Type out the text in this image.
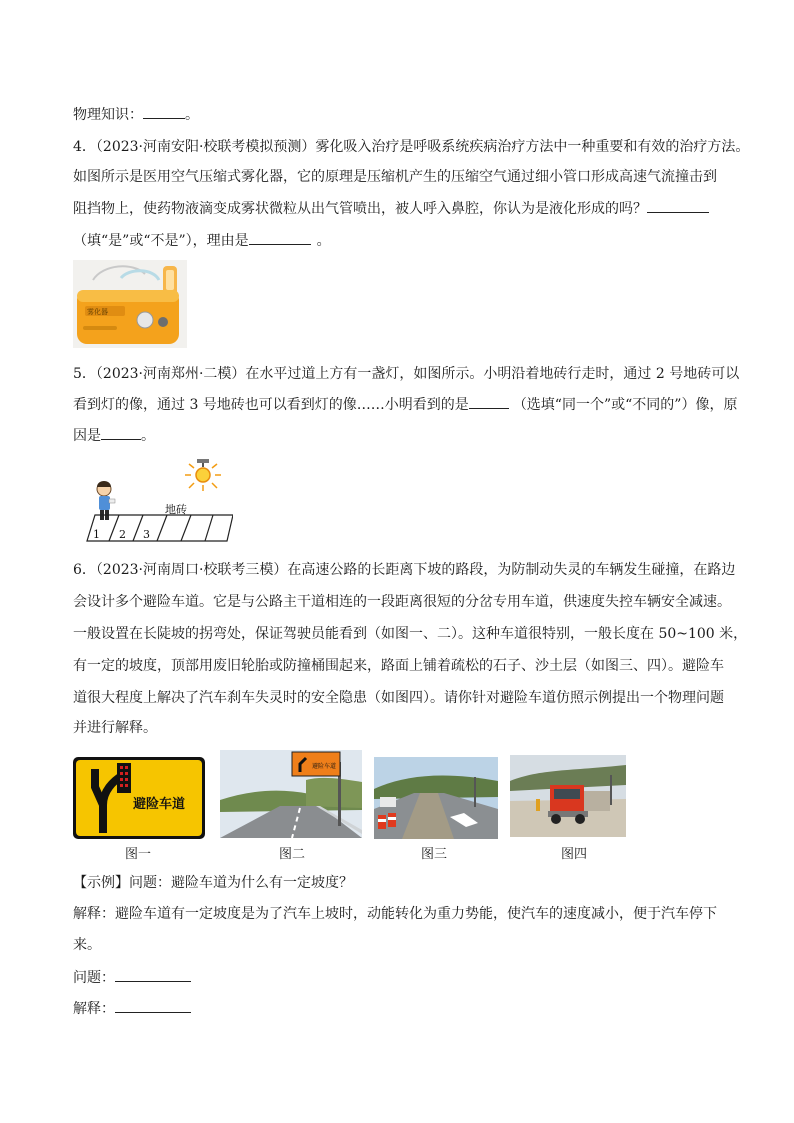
物理知识：	。
4．（2023·河南安阳·校联考模拟预测）雾化吸入治疗是呼吸系统疾病治疗方法中一种重要和有效的治疗方法。
如图所示是医用空气压缩式雾化器，它的原理是压缩机产生的压缩空气通过细小管口形成高速气流撞击到
阻挡物上，使药物液滴变成雾状微粒从出气管喷出，被人呼入鼻腔，你认为是液化形成的吗？
（填“是”或“不是”），理由是	。
雾化器
5．（2023·河南郑州·二模）在水平过道上方有一盏灯，如图所示。小明沿着地砖行走时，通过 2 号地砖可以
看到灯的像，通过 3 号地砖也可以看到灯的像……小明看到的是	（选填“同一个”或“不同的”）像，原
因是	。
1 2 3
地砖
6．（2023·河南周口·校联考三模）在高速公路的长距离下坡的路段，为防制动失灵的车辆发生碰撞，在路边
会设计多个避险车道。它是与公路主干道相连的一段距离很短的分岔专用车道，供速度失控车辆安全减速。
一般设置在长陡坡的拐弯处，保证驾驶员能看到（如图一、二）。这种车道很特别，一般长度在 50~100 米，
有一定的坡度，顶部用废旧轮胎或防撞桶围起来，路面上铺着疏松的石子、沙土层（如图三、四）。避险车
道很大程度上解决了汽车刹车失灵时的安全隐患（如图四）。请你针对避险车道仿照示例提出一个物理问题
并进行解释。
避险车道
避险车道
图一	图二	图三	图四
【示例】问题：避险车道为什么有一定坡度？
解释：避险车道有一定坡度是为了汽车上坡时，动能转化为重力势能，使汽车的速度减小，便于汽车停下
来。
问题：
解释：
